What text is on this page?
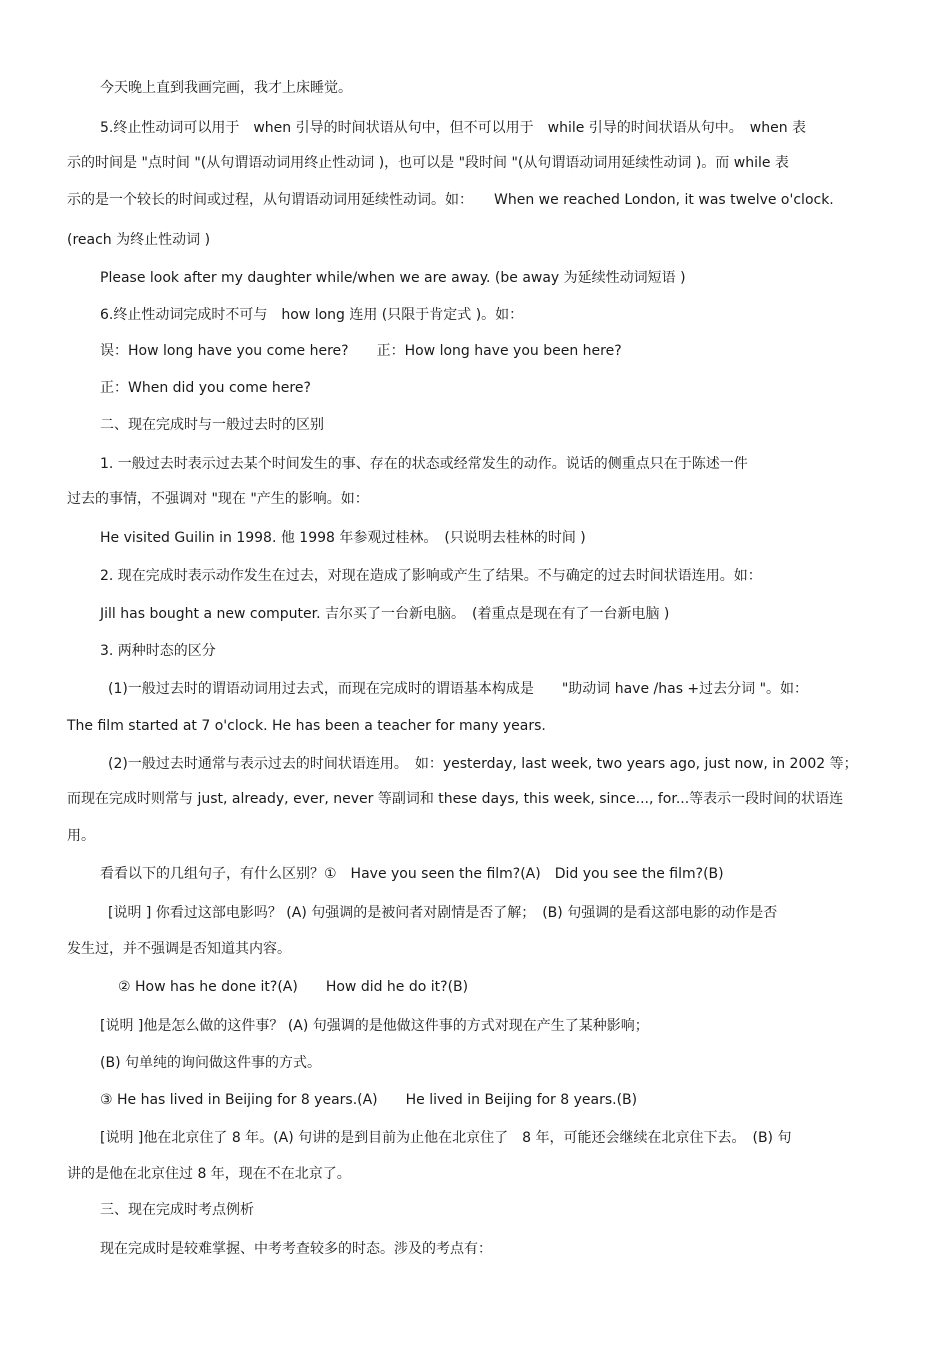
今天晚上直到我画完画，我才上床睡觉。
5.终止性动词可以用于　when 引导的时间状语从句中，但不可以用于　while 引导的时间状语从句中。　when 表
示的时间是 "点时间 "(从句谓语动词用终止性动词 )，也可以是 "段时间 "(从句谓语动词用延续性动词 )。而 while 表
示的是一个较长的时间或过程，从句谓语动词用延续性动词。如：　　When we reached London, it was twelve o'clock.
(reach 为终止性动词 )
Please look after my daughter while/when we are away. (be away 为延续性动词短语 )
6.终止性动词完成时不可与　how long 连用 (只限于肯定式 )。如：
误：How long have you come here?　　正：How long have you been here?
正：When did you come here?
二、现在完成时与一般过去时的区别
1. 一般过去时表示过去某个时间发生的事、存在的状态或经常发生的动作。说话的侧重点只在于陈述一件
过去的事情，不强调对 "现在 "产生的影响。如：
He visited Guilin in 1998. 他 1998 年参观过桂林。　(只说明去桂林的时间 )
2. 现在完成时表示动作发生在过去，对现在造成了影响或产生了结果。不与确定的过去时间状语连用。如：
Jill has bought a new computer. 吉尔买了一台新电脑。　(着重点是现在有了一台新电脑 )
3. 两种时态的区分
(1)一般过去时的谓语动词用过去式，而现在完成时的谓语基本构成是　　"助动词 have /has +过去分词 "。如：
The film started at 7 o'clock. He has been a teacher for many years.
(2)一般过去时通常与表示过去的时间状语连用。　如：yesterday, last week, two years ago, just now, in 2002 等；
而现在完成时则常与 just, already, ever, never 等副词和 these days, this week, since..., for...等表示一段时间的状语连
用。
看看以下的几组句子，有什么区别？①　Have you seen the film?(A)　Did you see the film?(B)
[说明 ] 你看过这部电影吗？ (A) 句强调的是被问者对剧情是否了解；　(B) 句强调的是看这部电影的动作是否
发生过，并不强调是否知道其内容。
② How has he done it?(A)　　How did he do it?(B)
[说明 ]他是怎么做的这件事？ (A) 句强调的是他做这件事的方式对现在产生了某种影响；
(B) 句单纯的询问做这件事的方式。
③ He has lived in Beijing for 8 years.(A)　　He lived in Beijing for 8 years.(B)
[说明 ]他在北京住了 8 年。(A) 句讲的是到目前为止他在北京住了　8 年，可能还会继续在北京住下去。　(B) 句
讲的是他在北京住过 8 年，现在不在北京了。
三、现在完成时考点例析
现在完成时是较难掌握、中考考查较多的时态。涉及的考点有：
